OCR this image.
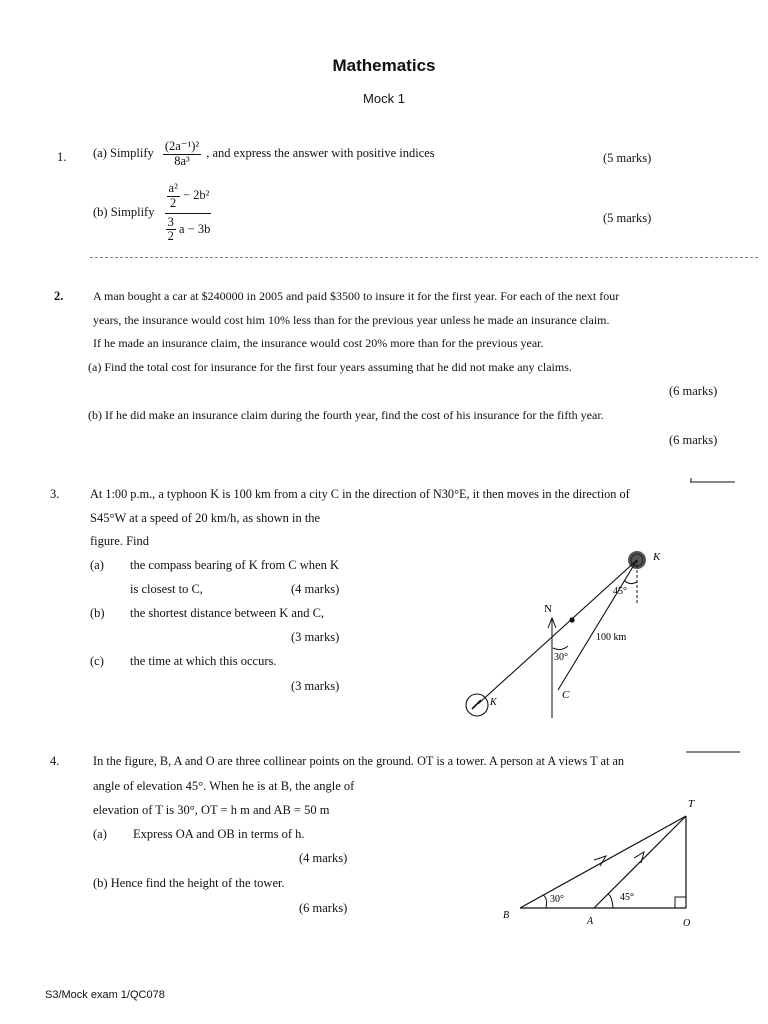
Mathematics
Mock 1
1. (a) Simplify $\frac{\text{(2a⁻¹)²}}{\text{8a³}}$ , and express the answer with positive indices	(5 marks)
(b) Simplify $\frac{\frac{\text{a²}}{2} - 2b^2}{\frac{3}{2} a - 3b}$	(5 marks)
2. A man bought a car at $240000 in 2005 and paid $3500 to insure it for the first year. For each of the next four
years, the insurance would cost him 10% less than for the previous year unless he made an insurance claim.
If he made an insurance claim, the insurance would cost 20% more than for the previous year.
(a) Find the total cost for insurance for the first four years assuming that he did not make any claims.
(6 marks)
(b) If he did make an insurance claim during the fourth year, find the cost of his insurance for the fifth year.
(6 marks)
3. At 1:00 p.m., a typhoon K is 100 km from a city C in the direction of N30°E, it then moves in the direction of
S45°W at a speed of 20 km/h, as shown in the
figure. Find
(a) the compass bearing of K from C when K
is closest to C,	(4 marks)
(b) the shortest distance between K and C,
(3 marks)
(c) the time at which this occurs.
(3 marks)
K
45°
N
100 km
30°
C
K
T
30°	45°
B
A	O
4.	In the figure, B, A and O are three collinear points on the ground. OT is a tower. A person at A views T at an
angle of elevation 45°. When he is at B, the angle of
elevation of T is 30°, OT = h m and AB = 50 m
(a) Express OA and OB in terms of h.
(4 marks)
(b) Hence find the height of the tower.
(6 marks)
S3/Mock exam 1/QC078
